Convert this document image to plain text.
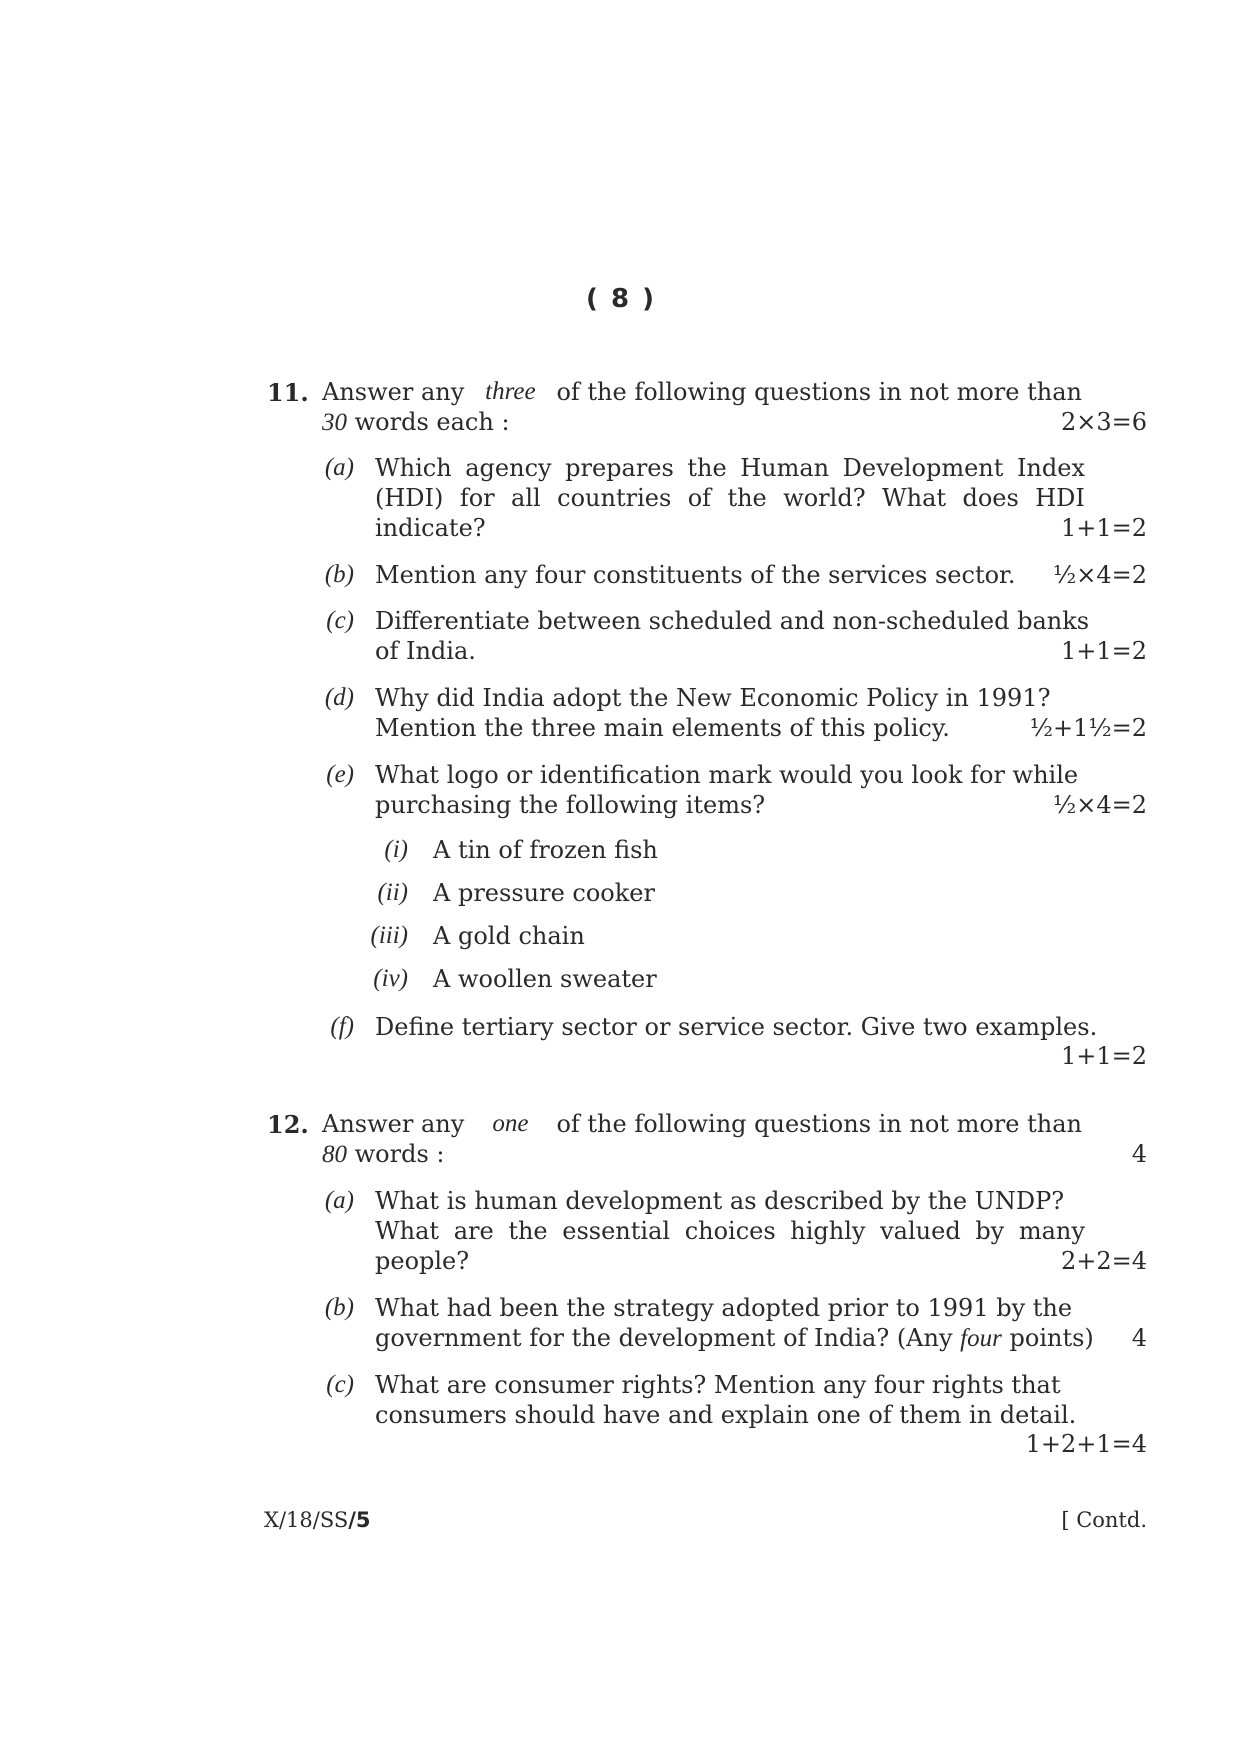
( 8 )
11. Answer any three of the following questions in not more than
30 words each :	2×3=6
(a) Which agency prepares the Human Development Index
(HDI) for all countries of the world? What does HDI
indicate?	1+1=2
(b) Mention any four constituents of the services sector. ½×4=2
(c) Differentiate between scheduled and non-scheduled banks
of India.	1+1=2
(d) Why did India adopt the New Economic Policy in 1991?
Mention the three main elements of this policy.	½+1½=2
(e) What logo or identification mark would you look for while
purchasing the following items?	½×4=2
(i) A tin of frozen fish
(ii) A pressure cooker
(iii) A gold chain
(iv) A woollen sweater
(f) Define tertiary sector or service sector. Give two examples.
1+1=2
12. Answer any one of the following questions in not more than
80 words :	4
(a) What is human development as described by the UNDP?
What are the essential choices highly valued by many
people?	2+2=4
(b) What had been the strategy adopted prior to 1991 by the
government for the development of India? (Any four points) 4
(c) What are consumer rights? Mention any four rights that
consumers should have and explain one of them in detail.
1+2+1=4
X/18/SS/5	[ Contd.
